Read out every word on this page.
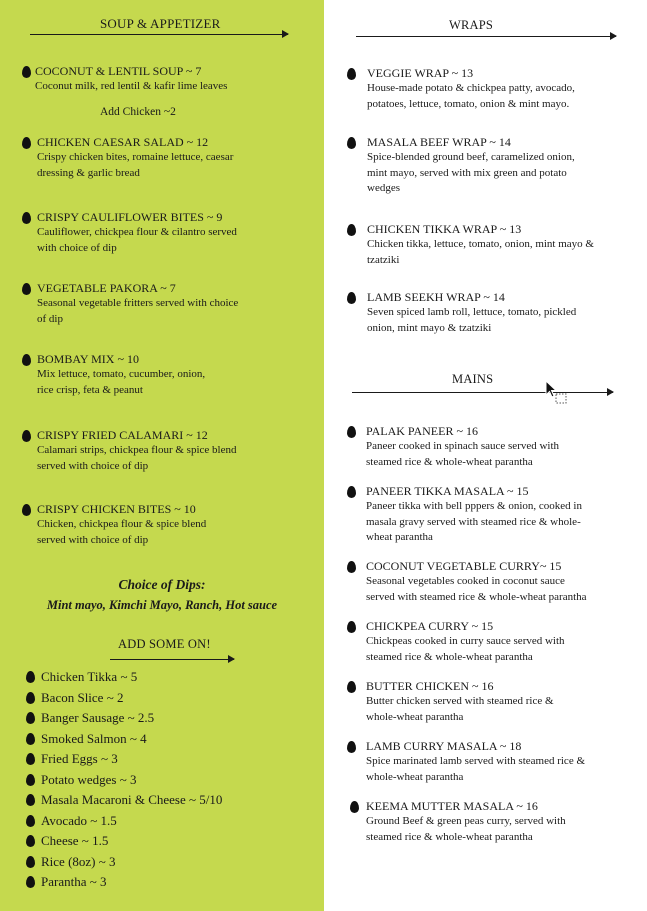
SOUP & APPETIZER
COCONUT & LENTIL SOUP ~ 7
Coconut milk, red lentil & kafir lime leaves
Add Chicken ~2
CHICKEN CAESAR SALAD ~ 12
Crispy chicken bites, romaine lettuce, caesar
dressing & garlic bread
CRISPY CAULIFLOWER BITES ~ 9
Cauliflower, chickpea flour & cilantro served
with choice of dip
VEGETABLE PAKORA ~ 7
Seasonal vegetable fritters served with choice
of dip
BOMBAY MIX ~ 10
Mix lettuce, tomato, cucumber, onion,
rice crisp, feta & peanut
CRISPY FRIED CALAMARI ~ 12
Calamari strips, chickpea flour & spice blend
served with choice of dip
CRISPY CHICKEN BITES ~ 10
Chicken, chickpea flour & spice blend
served with choice of dip
Choice of Dips:
Mint mayo, Kimchi Mayo, Ranch, Hot sauce
ADD SOME ON!
Chicken Tikka ~ 5
Bacon Slice ~ 2
Banger Sausage ~ 2.5
Smoked Salmon ~ 4
Fried Eggs ~ 3
Potato wedges ~ 3
Masala Macaroni & Cheese ~ 5/10
Avocado ~ 1.5
Cheese ~ 1.5
Rice (8oz) ~ 3
Parantha ~ 3
WRAPS
VEGGIE WRAP ~ 13
House-made potato & chickpea patty, avocado,
potatoes, lettuce, tomato, onion & mint mayo.
MASALA BEEF WRAP ~ 14
Spice-blended ground beef, caramelized onion,
mint mayo, served with mix green and potato
wedges
CHICKEN TIKKA WRAP ~ 13
Chicken tikka, lettuce, tomato, onion, mint mayo &
tzatziki
LAMB SEEKH WRAP ~ 14
Seven spiced lamb roll, lettuce, tomato, pickled
onion, mint mayo & tzatziki
MAINS
PALAK PANEER ~ 16
Paneer cooked in spinach sauce served with
steamed rice & whole-wheat parantha
PANEER TIKKA MASALA ~ 15
Paneer tikka with bell pppers & onion, cooked in
masala gravy served with steamed rice & whole-
wheat parantha
COCONUT VEGETABLE CURRY~ 15
Seasonal vegetables cooked in coconut sauce
served with steamed rice & whole-wheat parantha
CHICKPEA CURRY ~ 15
Chickpeas cooked in curry sauce served with
steamed rice & whole-wheat parantha
BUTTER CHICKEN ~ 16
Butter chicken served with steamed rice &
whole-wheat parantha
LAMB CURRY MASALA ~ 18
Spice marinated lamb served with steamed rice &
whole-wheat parantha
KEEMA MUTTER MASALA ~ 16
Ground Beef & green peas curry, served with
steamed rice & whole-wheat parantha
